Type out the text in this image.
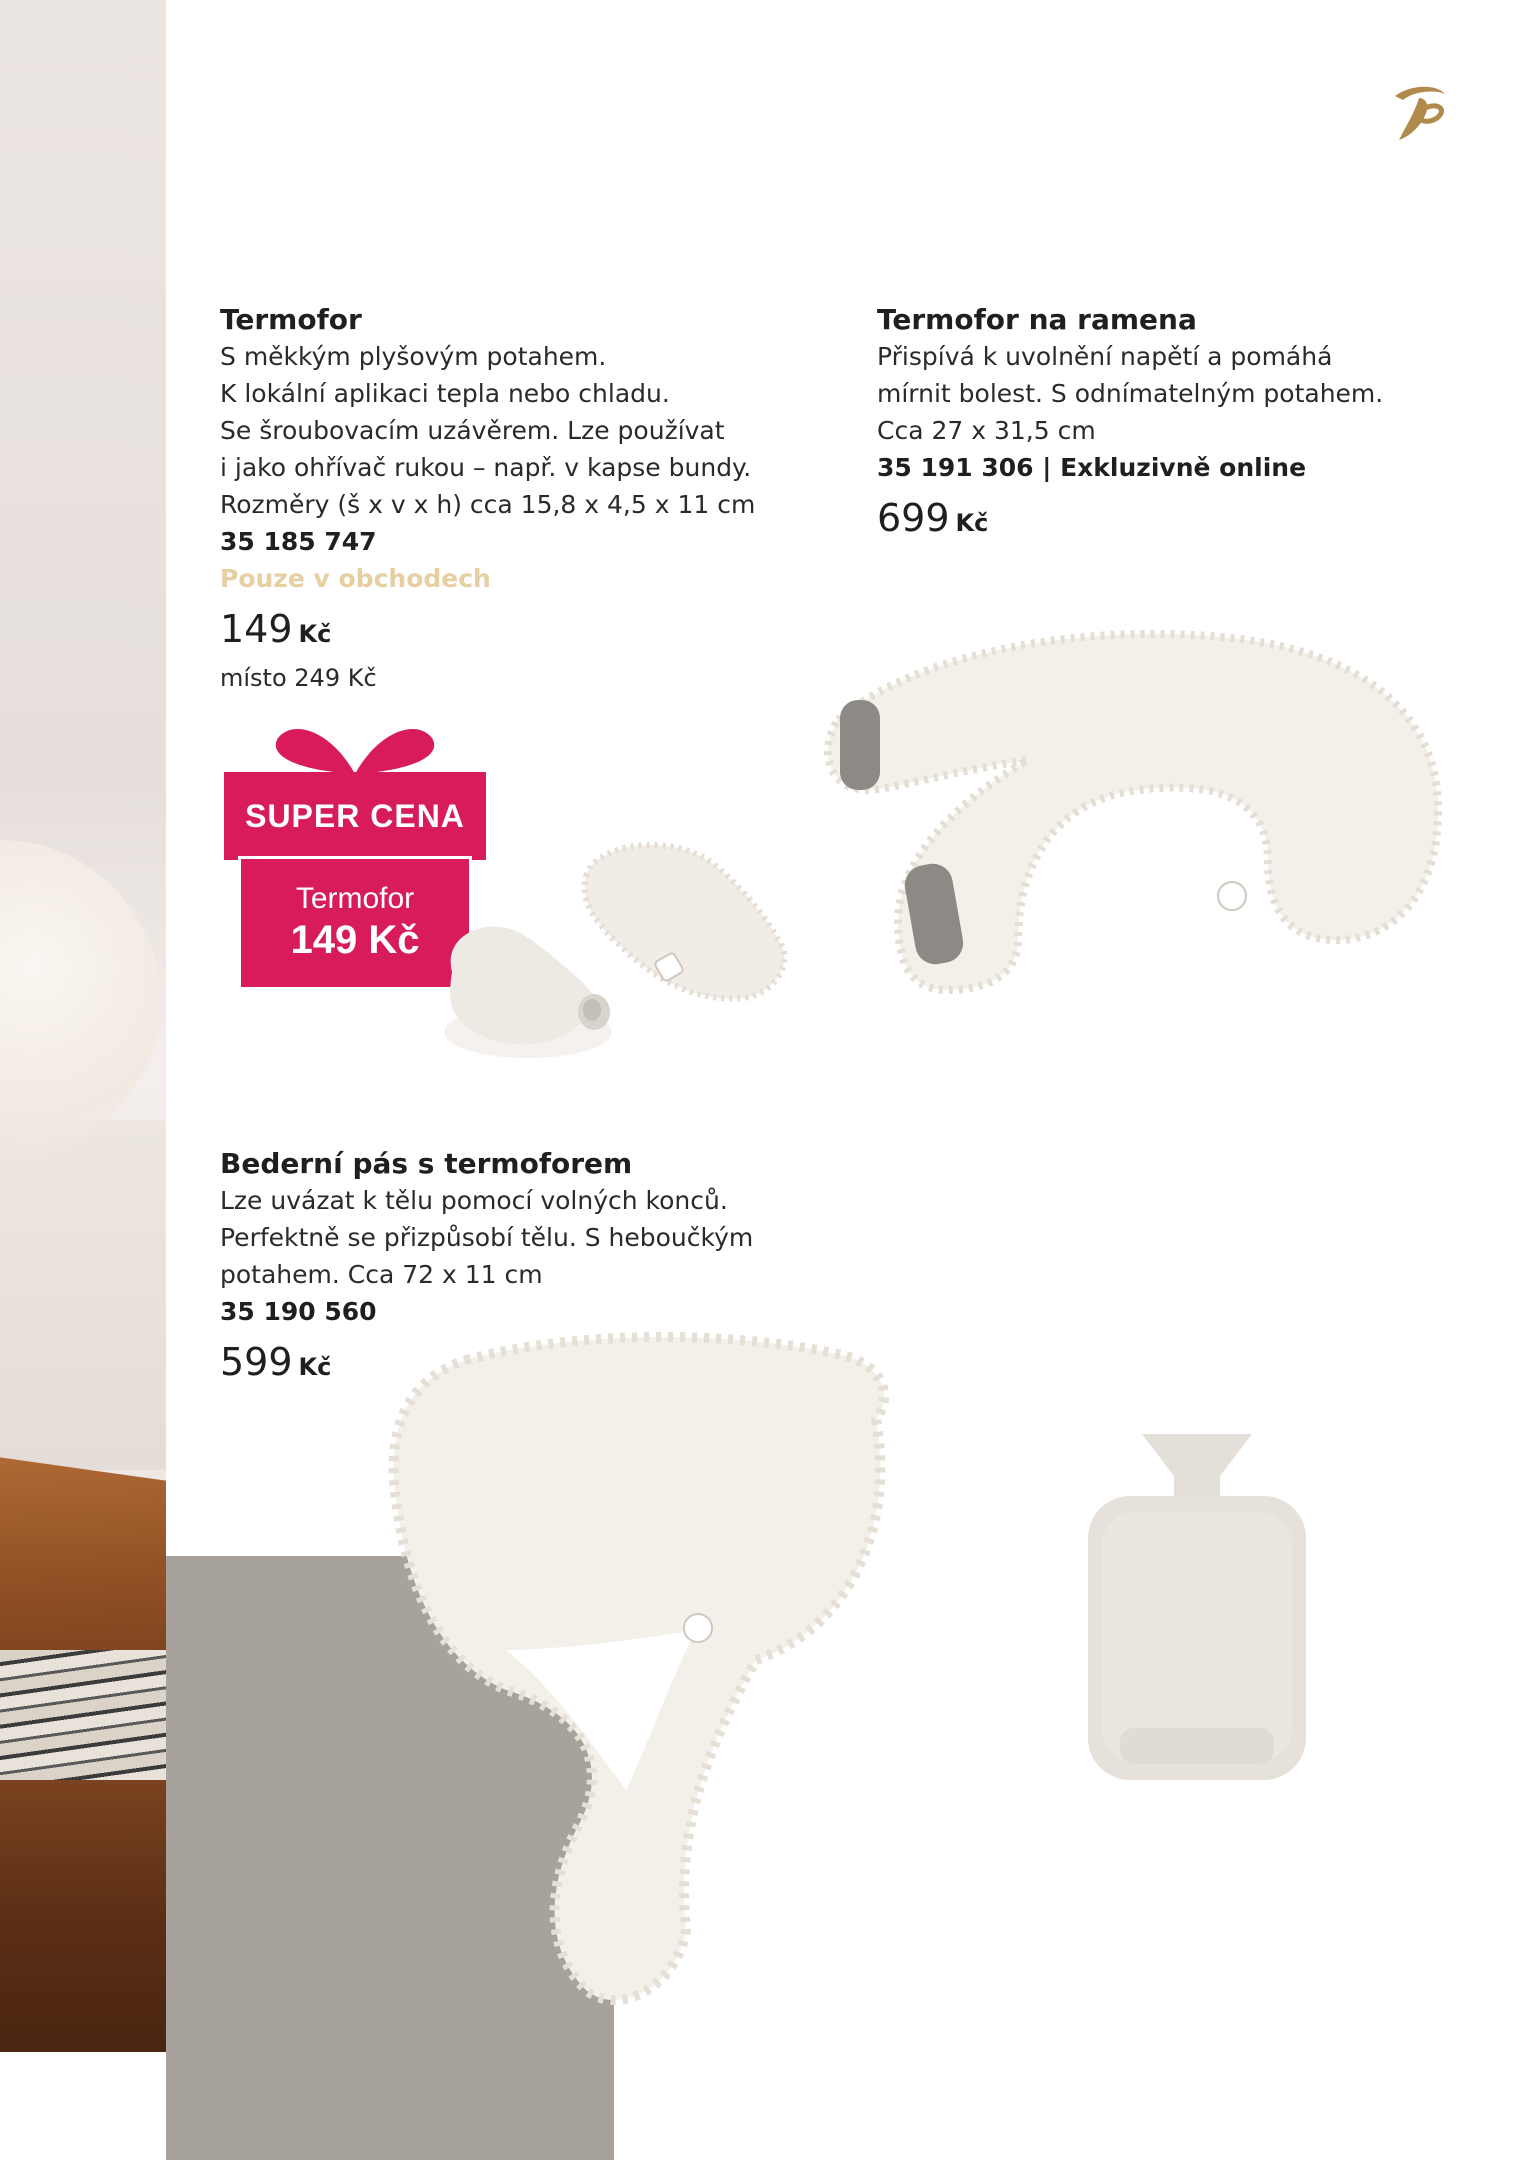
Termofor
S měkkým plyšovým potahem.
K lokální aplikaci tepla nebo chladu.
Se šroubovacím uzávěrem. Lze používat
i jako ohřívač rukou – např. v kapse bundy.
Rozměry (š x v x h) cca 15,8 x 4,5 x 11 cm
35 185 747
Pouze v obchodech
149 Kč
místo 249 Kč
Termofor na ramena
Přispívá k uvolnění napětí a pomáhá
mírnit bolest. S odnímatelným potahem.
Cca 27 x 31,5 cm
35 191 306 | Exkluzivně online
699 Kč
Bederní pás s termoforem
Lze uvázat k tělu pomocí volných konců.
Perfektně se přizpůsobí tělu. S heboučkým
potahem. Cca 72 x 11 cm
35 190 560
599 Kč
SUPER CENA
Termofor
149 Kč
